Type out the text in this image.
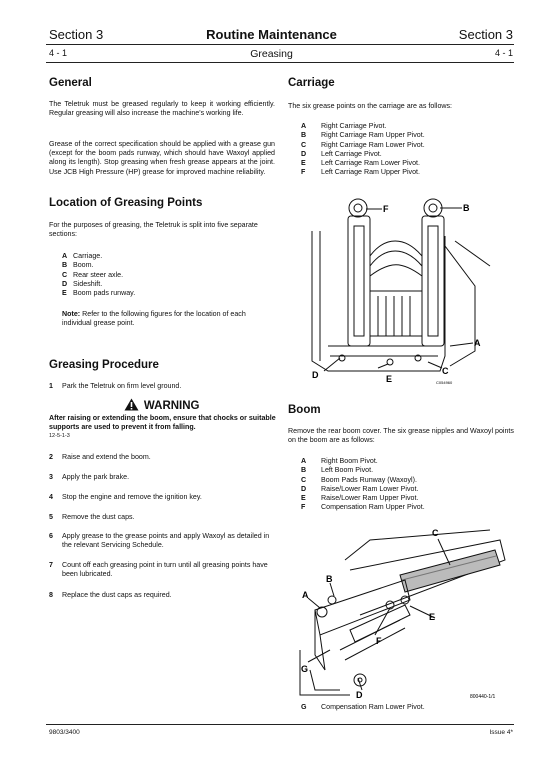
Section 3	Routine Maintenance	Section 3
4 - 1	Greasing	4 - 1
General

The Teletruk must be greased regularly to keep it working efficiently. Regular greasing will also increase the machine's working life.

Grease of the correct specification should be applied with a grease gun (except for the boom pads runway, which should have Waxoyl applied along its length). Stop greasing when fresh grease appears at the joint. Use JCB High Pressure (HP) grease for improved machine reliability.

Location of Greasing Points

For the purposes of greasing, the Teletruk is split into five separate sections:

A Carriage.
B Boom.
C Rear steer axle.
D Sideshift.
E Boom pads runway.

Note: Refer to the following figures for the location of each individual grease point.

Greasing Procedure
1	Park the Teletruk on firm level ground.
WARNING

After raising or extending the boom, ensure that chocks or suitable supports are used to prevent it from falling.

12-5-1-3
2	Raise and extend the boom.
3	Apply the park brake.
4	Stop the engine and remove the ignition key.
5	Remove the dust caps.
6	Apply grease to the grease points and apply Waxoyl as detailed in the relevant Servicing Schedule.
7	Count off each greasing point in turn until all greasing points have been lubricated.
8	Replace the dust caps as required.
Carriage

The six grease points on the carriage are as follows:

A	Right Carriage Pivot.
B	Right Carriage Ram Upper Pivot.
C	Right Carriage Ram Lower Pivot.
D	Left Carriage Pivot.
E	Left Carriage Ram Lower Pivot.
F	Left Carriage Ram Upper Pivot.
F	B
A
C
D	E	C054960
Boom

Remove the rear boom cover. The six grease nipples and Waxoyl points on the boom are as follows:

A	Right Boom Pivot.
B	Left Boom Pivot.
C	Boom Pads Runway (Waxoyl).
D	Raise/Lower Ram Lower Pivot.
E	Raise/Lower Ram Upper Pivot.
F	Compensation Ram Upper Pivot.
A
B
C
D
E
F
G
800440-1/1
G	Compensation Ram Lower Pivot.
9803/3400	Issue 4*
